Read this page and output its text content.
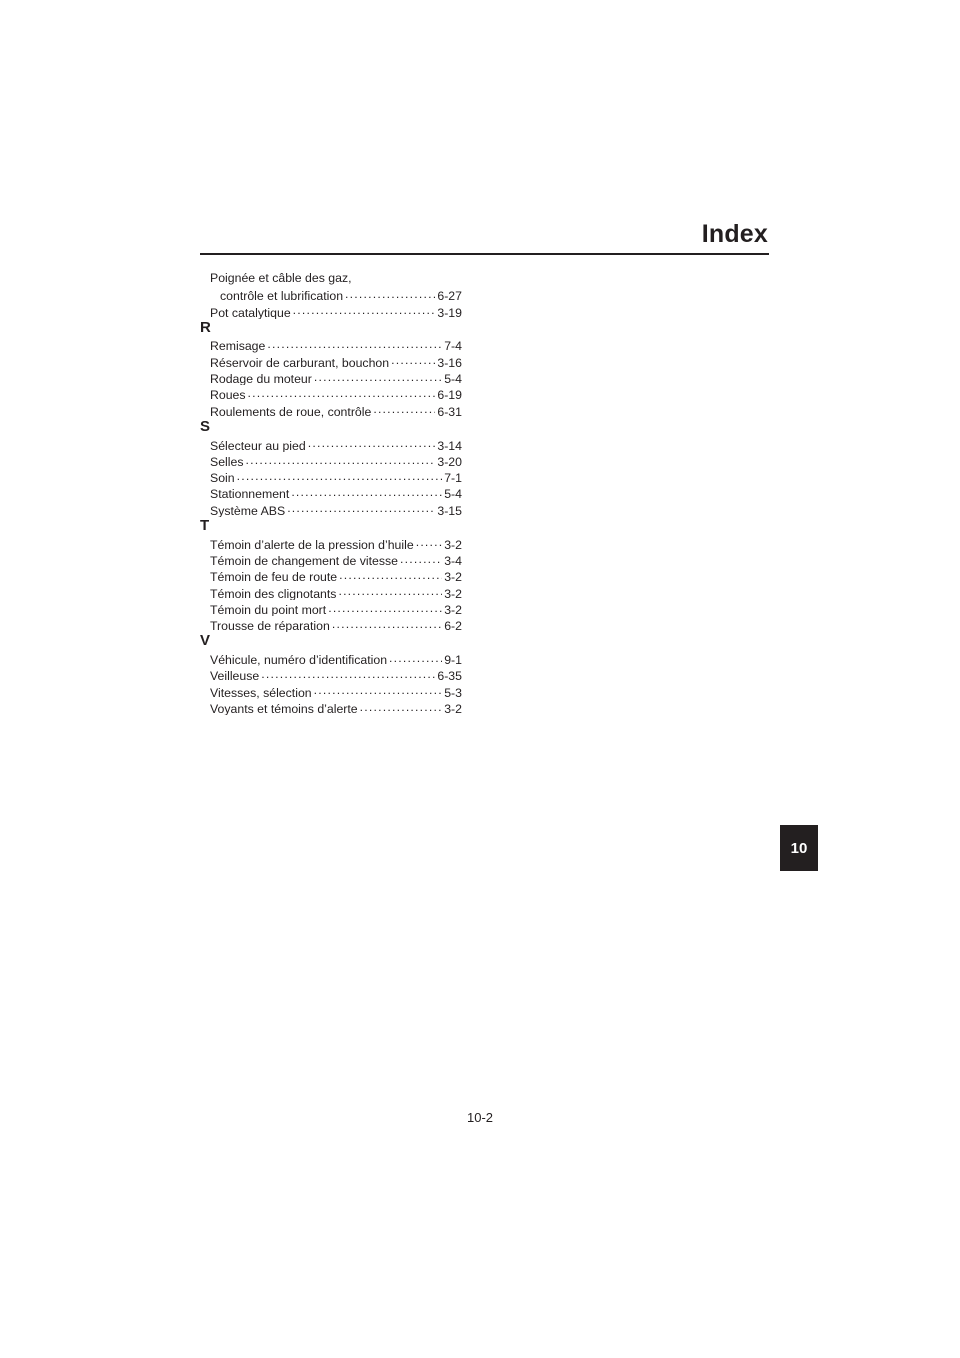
Index
Poignée et câble des gaz,
contrôle et lubrification .....	6-27
Pot catalytique .....	3-19
R
Remisage .....	7-4
Réservoir de carburant, bouchon .....	3-16
Rodage du moteur .....	5-4
Roues .....	6-19
Roulements de roue, contrôle .....	6-31
S
Sélecteur au pied .....	3-14
Selles .....	3-20
Soin .....	7-1
Stationnement .....	5-4
Système ABS .....	3-15
T
Témoin d’alerte de la pression d’huile ..... 3-2
Témoin de changement de vitesse .....	3-4
Témoin de feu de route .....	3-2
Témoin des clignotants .....	3-2
Témoin du point mort .....	3-2
Trousse de réparation .....	6-2
V
Véhicule, numéro d’identification .....	9-1
Veilleuse .....	6-35
Vitesses, sélection .....	5-3
Voyants et témoins d’alerte .....	3-2
10
10-2
